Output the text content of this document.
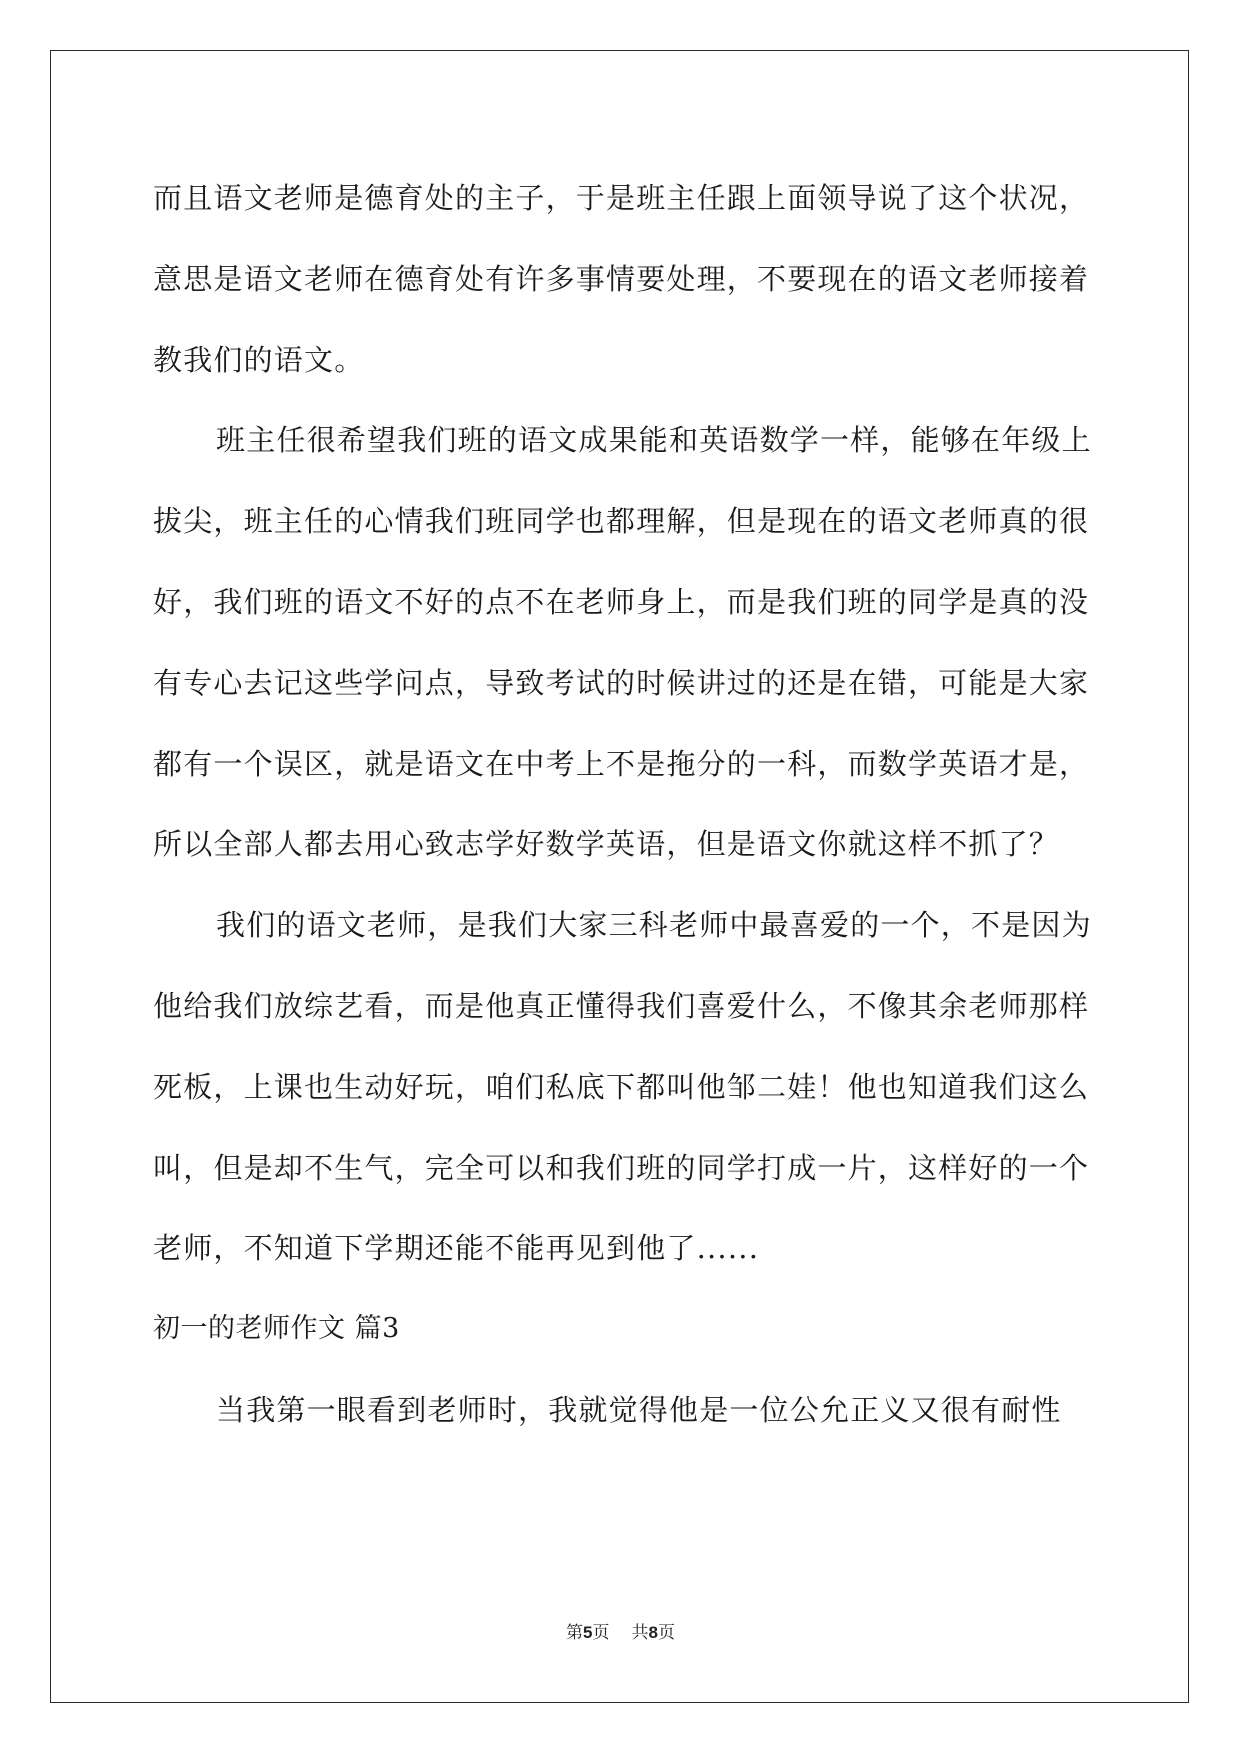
而且语文老师是德育处的主子，于是班主任跟上面领导说了这个状况，意思是语文老师在德育处有许多事情要处理，不要现在的语文老师接着教我们的语文。

班主任很希望我们班的语文成果能和英语数学一样，能够在年级上拔尖，班主任的心情我们班同学也都理解，但是现在的语文老师真的很好，我们班的语文不好的点不在老师身上，而是我们班的同学是真的没有专心去记这些学问点，导致考试的时候讲过的还是在错，可能是大家都有一个误区，就是语文在中考上不是拖分的一科，而数学英语才是，所以全部人都去用心致志学好数学英语，但是语文你就这样不抓了？

我们的语文老师，是我们大家三科老师中最喜爱的一个，不是因为他给我们放综艺看，而是他真正懂得我们喜爱什么，不像其余老师那样死板，上课也生动好玩，咱们私底下都叫他邹二娃！他也知道我们这么叫，但是却不生气，完全可以和我们班的同学打成一片，这样好的一个老师，不知道下学期还能不能再见到他了......

初一的老师作文 篇3

当我第一眼看到老师时，我就觉得他是一位公允正义又很有耐性

第5页 共8页
